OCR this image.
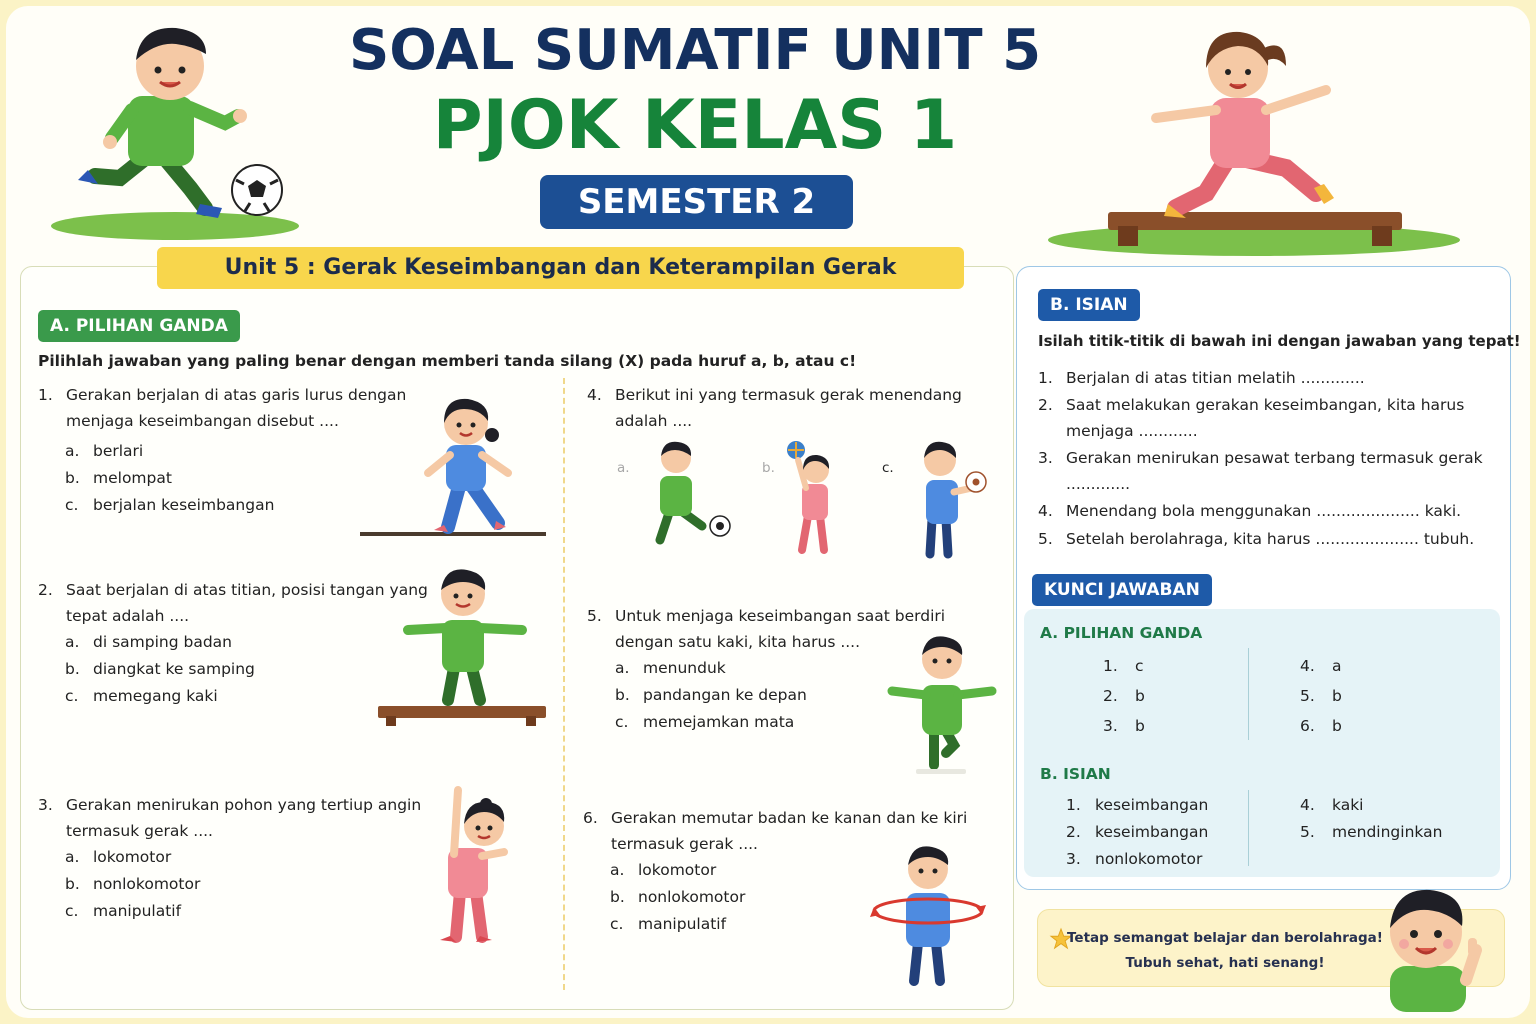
SOAL SUMATIF UNIT 5
PJOK KELAS 1
SEMESTER 2
Unit 5 : Gerak Keseimbangan dan Keterampilan Gerak
A. PILIHAN GANDA
Pilihlah jawaban yang paling benar dengan memberi tanda silang (X) pada huruf a, b, atau c!
1. Gerakan berjalan di atas garis lurus dengan menjaga keseimbangan disebut ....
a. berlari
b. melompat
c. berjalan keseimbangan
2. Saat berjalan di atas titian, posisi tangan yang tepat adalah ....
a. di samping badan
b. diangkat ke samping
c. memegang kaki
3. Gerakan menirukan pohon yang tertiup angin termasuk gerak ....
a. lokomotor
b. nonlokomotor
c. manipulatif
4. Berikut ini yang termasuk gerak menendang adalah ....
a.	b.	c.
5. Untuk menjaga keseimbangan saat berdiri dengan satu kaki, kita harus ....
a. menunduk
b. pandangan ke depan
c. memejamkan mata
6. Gerakan memutar badan ke kanan dan ke kiri termasuk gerak ....
a. lokomotor
b. nonlokomotor
c. manipulatif
B. ISIAN
Isilah titik-titik di bawah ini dengan jawaban yang tepat!
1. Berjalan di atas titian melatih .............
2. Saat melakukan gerakan keseimbangan, kita harus menjaga ............
3. Gerakan menirukan pesawat terbang termasuk gerak .............
4. Menendang bola menggunakan ..................... kaki.
5. Setelah berolahraga, kita harus ..................... tubuh.
KUNCI JAWABAN
A. PILIHAN GANDA
1. c
2. b
3. b
4. a
5. b
6. b
B. ISIAN
1. keseimbangan
2. keseimbangan
3. nonlokomotor
4. kaki
5. mendinginkan
Tetap semangat belajar dan berolahraga!
Tubuh sehat, hati senang!
